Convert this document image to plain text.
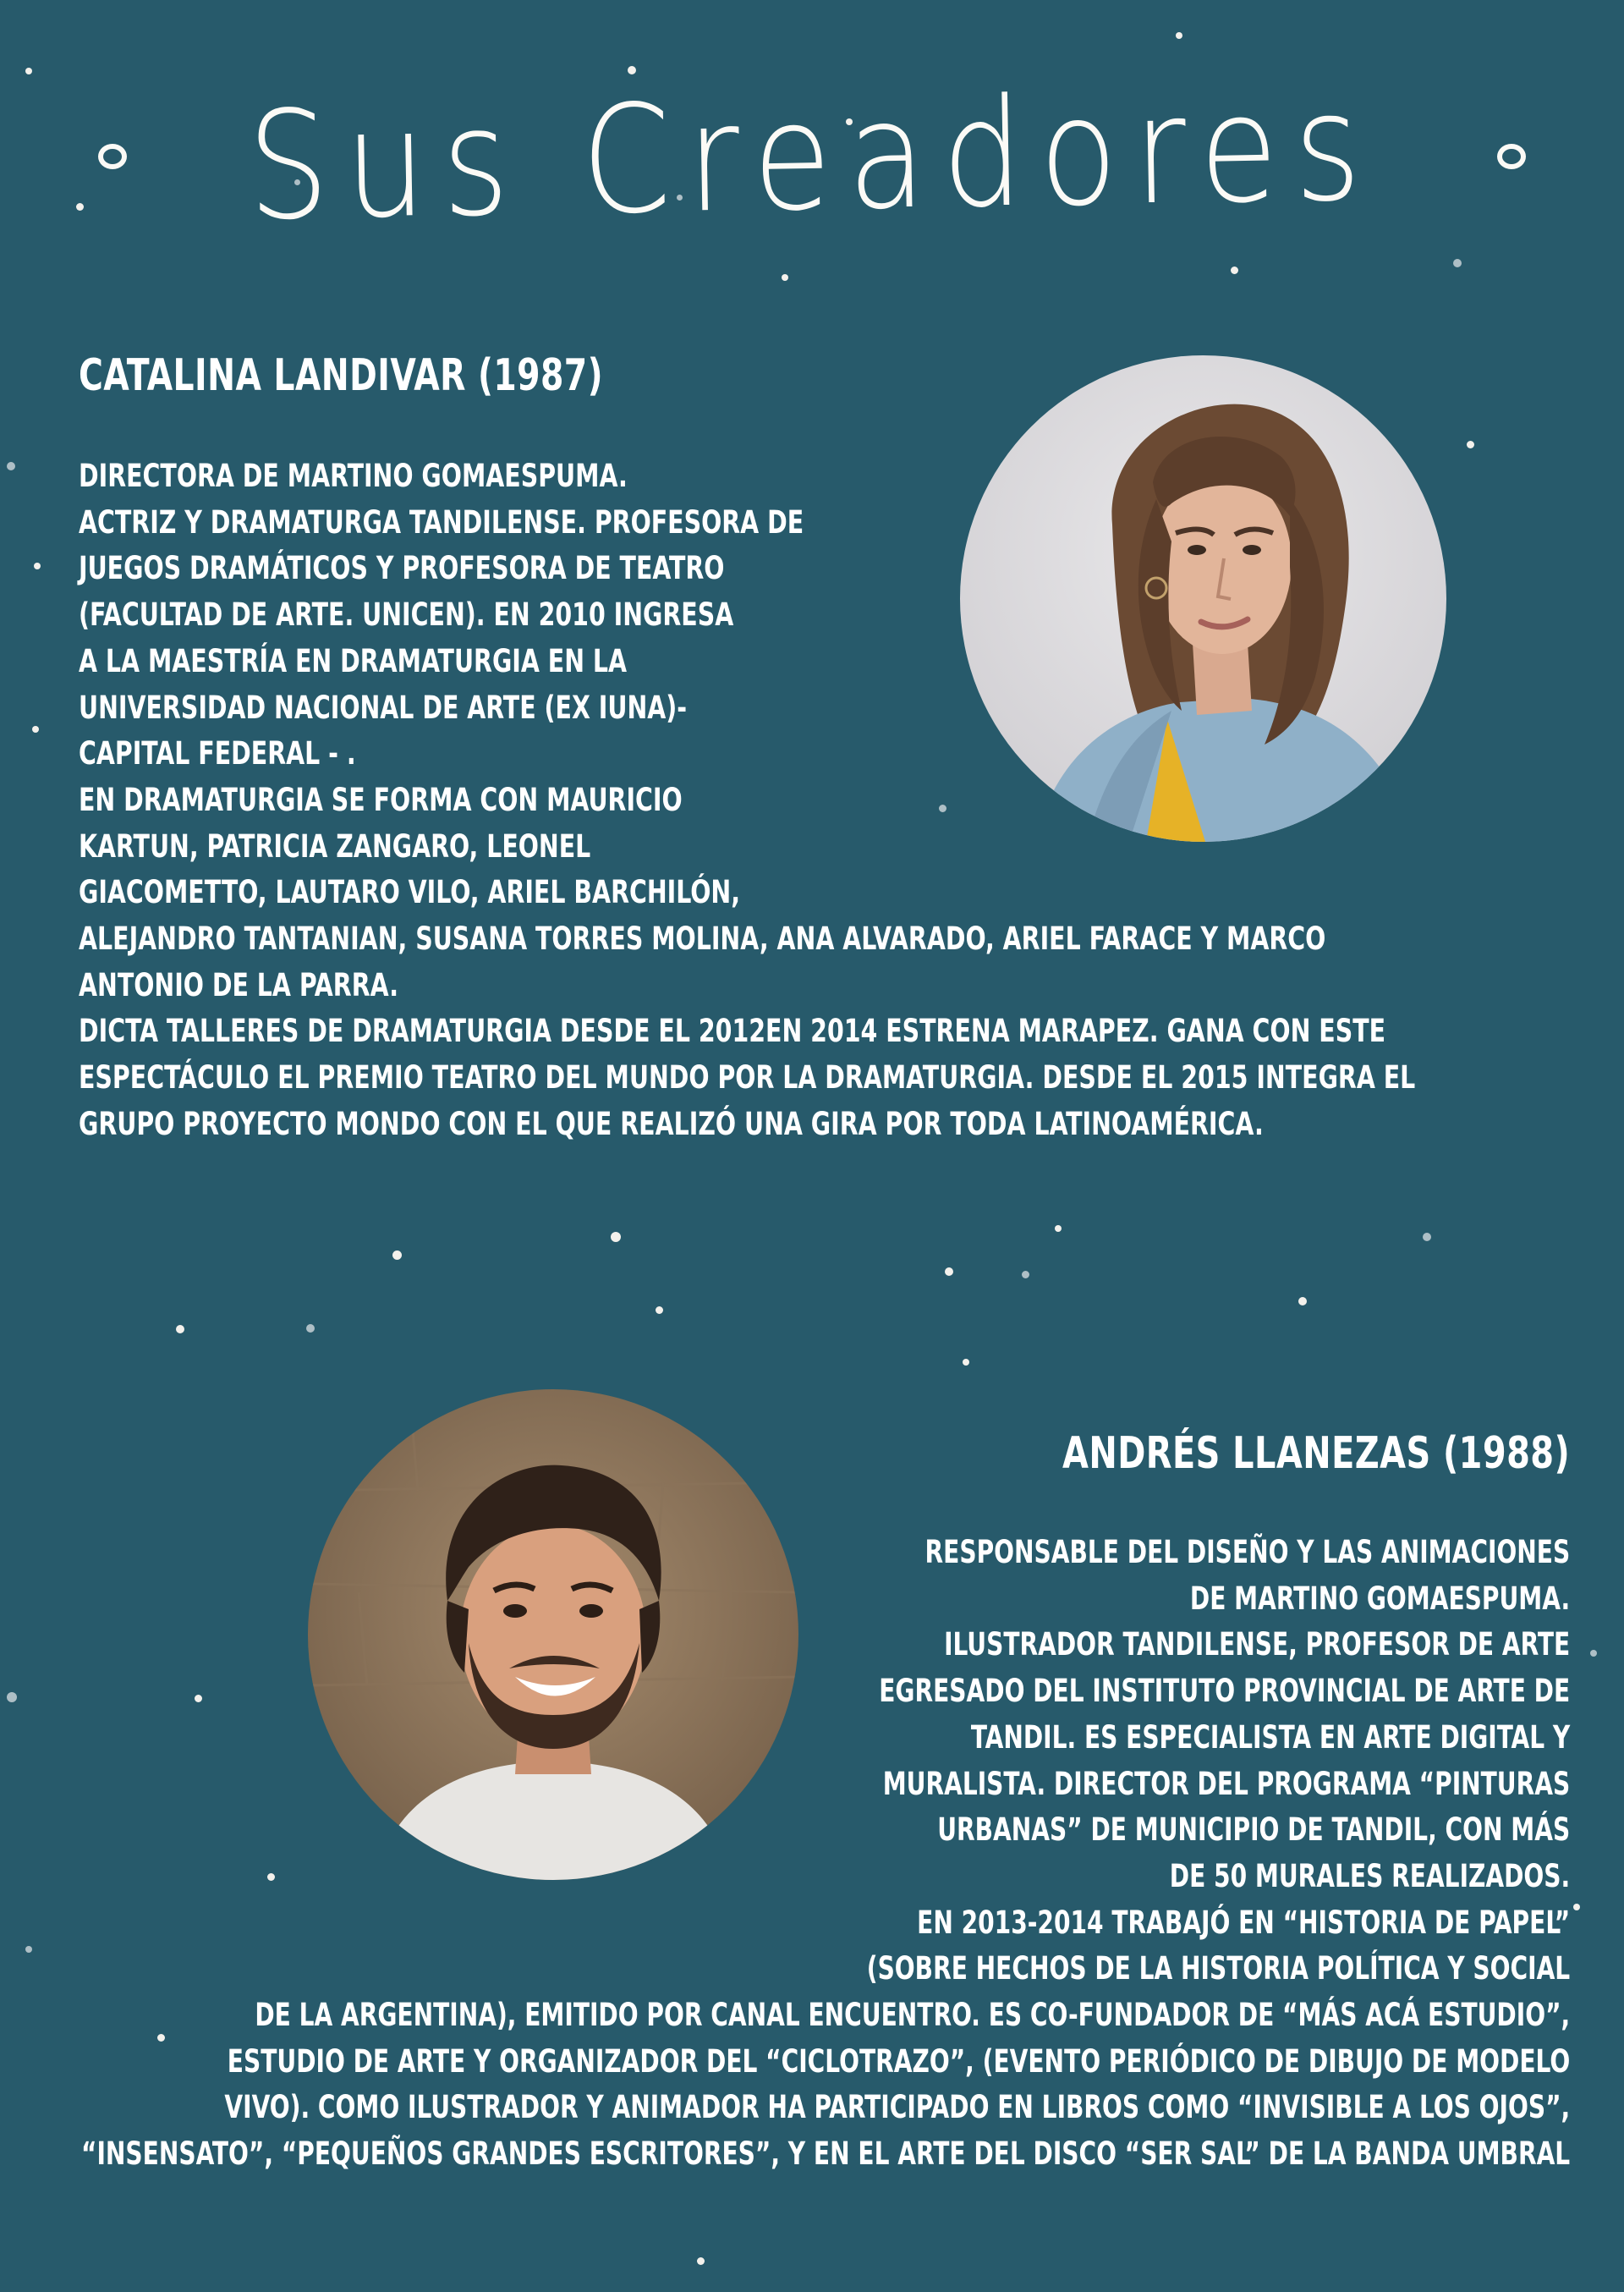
Sus Creadores
CATALINA LANDIVAR (1987)
DIRECTORA DE MARTINO GOMAESPUMA.
ACTRIZ Y DRAMATURGA TANDILENSE. PROFESORA DE
JUEGOS DRAMÁTICOS Y PROFESORA DE TEATRO
(FACULTAD DE ARTE. UNICEN). EN 2010 INGRESA
A LA MAESTRÍA EN DRAMATURGIA EN LA
UNIVERSIDAD NACIONAL DE ARTE (EX IUNA)-
CAPITAL FEDERAL - .
EN DRAMATURGIA SE FORMA CON MAURICIO
KARTUN, PATRICIA ZANGARO, LEONEL
GIACOMETTO, LAUTARO VILO, ARIEL BARCHILÓN,
ALEJANDRO TANTANIAN, SUSANA TORRES MOLINA, ANA ALVARADO, ARIEL FARACE Y MARCO
ANTONIO DE LA PARRA.
DICTA TALLERES DE DRAMATURGIA DESDE EL 2012EN 2014 ESTRENA MARAPEZ. GANA CON ESTE
ESPECTÁCULO EL PREMIO TEATRO DEL MUNDO POR LA DRAMATURGIA. DESDE EL 2015 INTEGRA EL
GRUPO PROYECTO MONDO CON EL QUE REALIZÓ UNA GIRA POR TODA LATINOAMÉRICA.
ANDRÉS LLANEZAS (1988)
RESPONSABLE DEL DISEÑO Y LAS ANIMACIONES
DE MARTINO GOMAESPUMA.
ILUSTRADOR TANDILENSE, PROFESOR DE ARTE
EGRESADO DEL INSTITUTO PROVINCIAL DE ARTE DE
TANDIL. ES ESPECIALISTA EN ARTE DIGITAL Y
MURALISTA. DIRECTOR DEL PROGRAMA “PINTURAS
URBANAS” DE MUNICIPIO DE TANDIL, CON MÁS
DE 50 MURALES REALIZADOS.
EN 2013-2014 TRABAJÓ EN “HISTORIA DE PAPEL”
(SOBRE HECHOS DE LA HISTORIA POLÍTICA Y SOCIAL
DE LA ARGENTINA), EMITIDO POR CANAL ENCUENTRO. ES CO-FUNDADOR DE “MÁS ACÁ ESTUDIO”,
ESTUDIO DE ARTE Y ORGANIZADOR DEL “CICLOTRAZO”, (EVENTO PERIÓDICO DE DIBUJO DE MODELO
VIVO). COMO ILUSTRADOR Y ANIMADOR HA PARTICIPADO EN LIBROS COMO “INVISIBLE A LOS OJOS”,
“INSENSATO”, “PEQUEÑOS GRANDES ESCRITORES”, Y EN EL ARTE DEL DISCO “SER SAL” DE LA BANDA UMBRAL
